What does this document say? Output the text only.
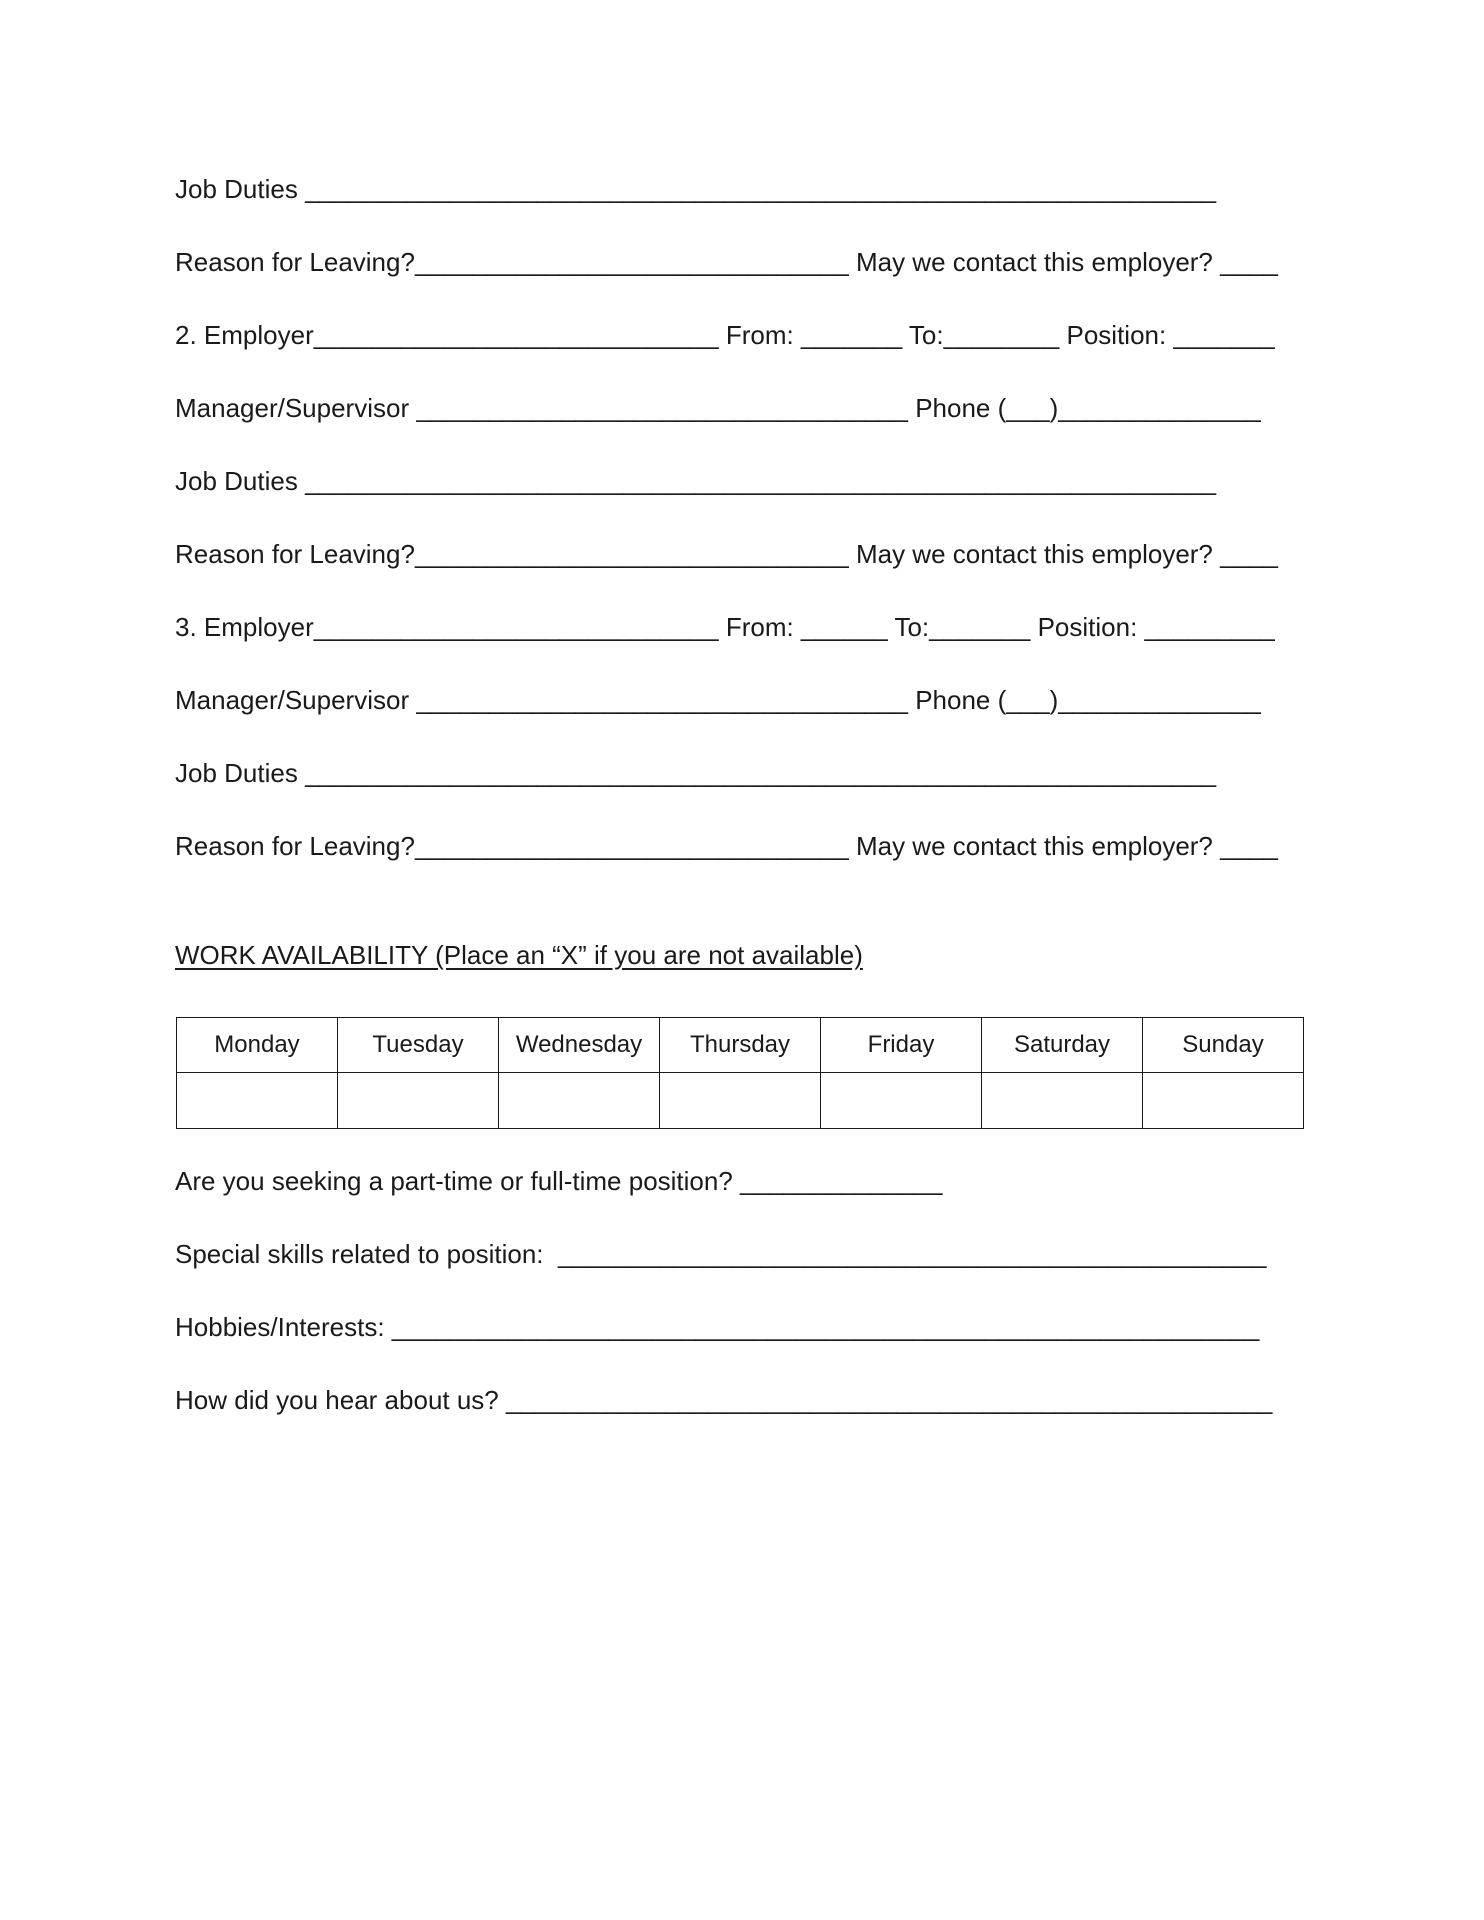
Job Duties _______________________________________________________________
Reason for Leaving?______________________________ May we contact this employer? ____
2. Employer____________________________ From: _______ To:________ Position: _______
Manager/Supervisor __________________________________ Phone (___)______________
Job Duties _______________________________________________________________
Reason for Leaving?______________________________ May we contact this employer? ____
3. Employer____________________________ From: ______ To:_______ Position: _________
Manager/Supervisor __________________________________ Phone (___)______________
Job Duties _______________________________________________________________
Reason for Leaving?______________________________ May we contact this employer? ____
WORK AVAILABILITY (Place an “X” if you are not available)
Monday	Tuesday	Wednesday	Thursday	Friday	Saturday	Sunday

Are you seeking a part-time or full-time position? ______________
Special skills related to position:  _________________________________________________
Hobbies/Interests: ____________________________________________________________
How did you hear about us? _____________________________________________________
